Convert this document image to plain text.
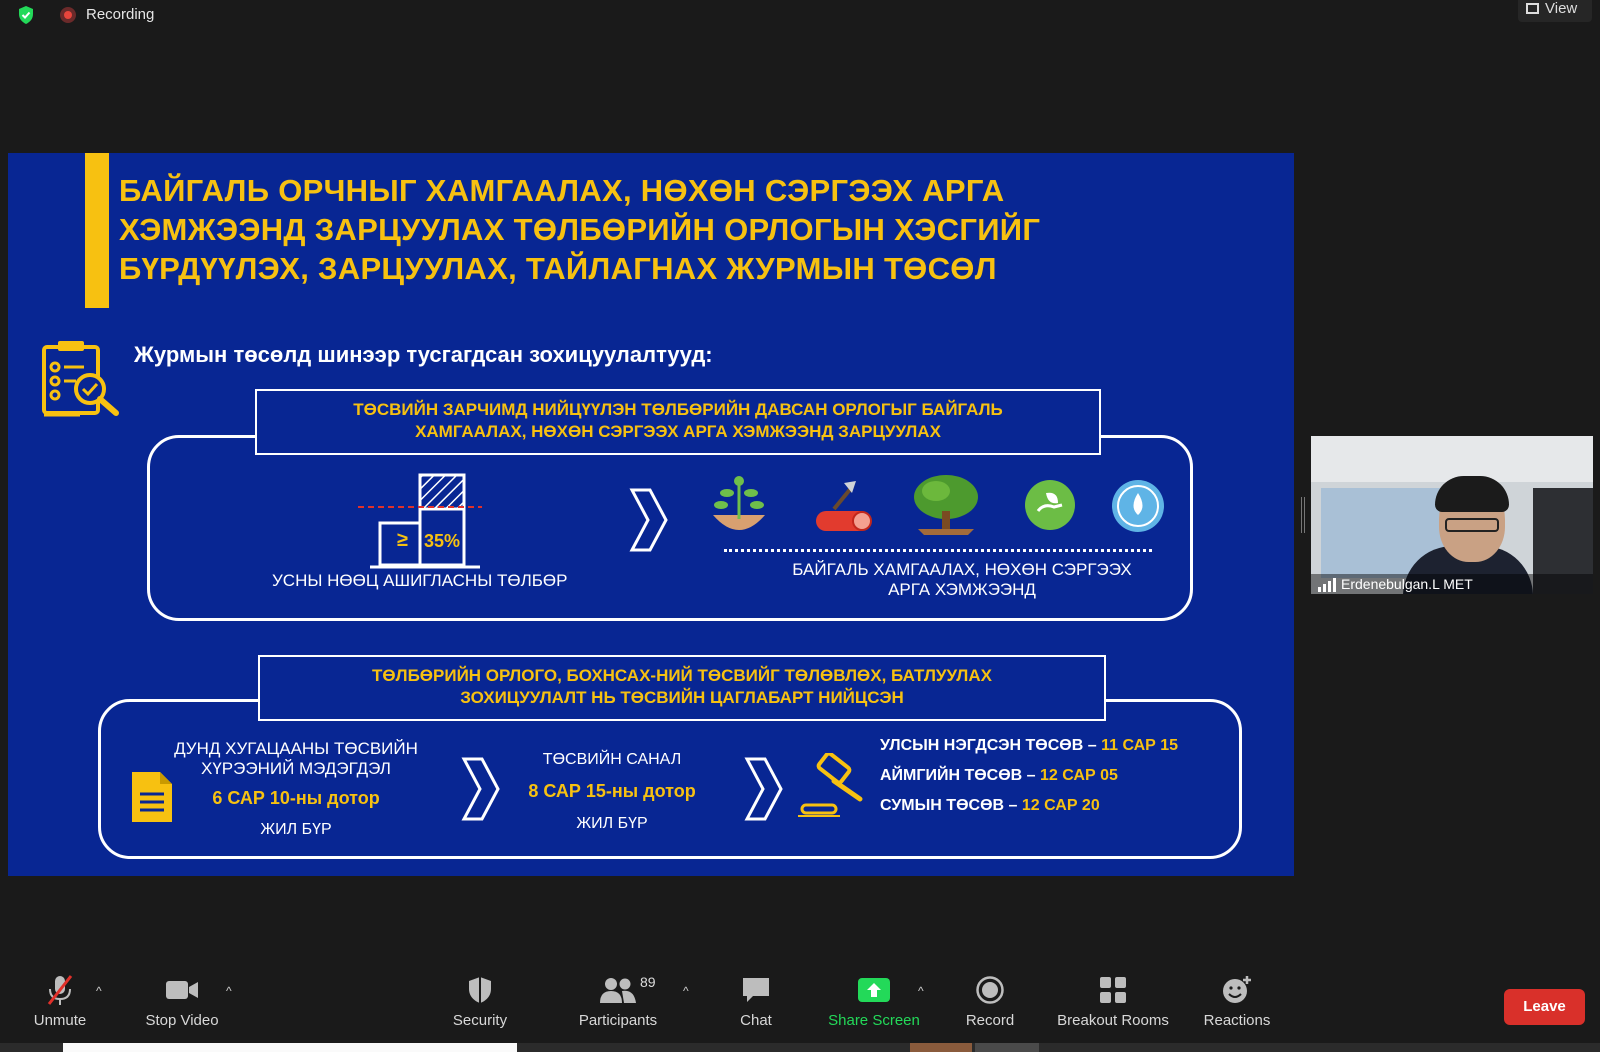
Recording	View
БАЙГАЛЬ ОРЧНЫГ ХАМГААЛАХ, НӨХӨН СЭРГЭЭХ АРГА
ХЭМЖЭЭНД ЗАРЦУУЛАХ ТӨЛБӨРИЙН ОРЛОГЫН ХЭСГИЙГ
БҮРДҮҮЛЭХ, ЗАРЦУУЛАХ, ТАЙЛАГНАХ ЖУРМЫН ТӨСӨЛ
Журмын төсөлд шинээр тусгагдсан зохицуулалтууд:
ТӨСВИЙН ЗАРЧИМД НИЙЦҮҮЛЭН ТӨЛБӨРИЙН ДАВСАН ОРЛОГЫГ БАЙГАЛЬ
ХАМГААЛАХ, НӨХӨН СЭРГЭЭХ АРГА ХЭМЖЭЭНД ЗАРЦУУЛАХ
≥ 35%
УСНЫ НӨӨЦ АШИГЛАСНЫ ТӨЛБӨР
БАЙГАЛЬ ХАМГААЛАХ, НӨХӨН СЭРГЭЭХ
АРГА ХЭМЖЭЭНД
ТӨЛБӨРИЙН ОРЛОГО, БОХНСАХ-НИЙ ТӨСВИЙГ ТӨЛӨВЛӨХ, БАТЛУУЛАХ
ЗОХИЦУУЛАЛТ НЬ ТӨСВИЙН ЦАГЛАБАРТ НИЙЦСЭН
ДУНД ХУГАЦААНЫ ТӨСВИЙН
ХҮРЭЭНИЙ МЭДЭГДЭЛ
6 САР 10-ны дотор
ЖИЛ БҮР
ТӨСВИЙН САНАЛ
8 САР 15-ны дотор
ЖИЛ БҮР
УЛСЫН НЭГДСЭН ТӨСӨВ – 11 САР 15
АЙМГИЙН ТӨСӨВ – 12 САР 05
СУМЫН ТӨСӨВ – 12 САР 20
Erdenebulgan.L MET
Unmute	Stop Video	Security
89
Participants	Chat	Share Screen	Record	Breakout Rooms	Reactions
^	^	^	^
Leave
